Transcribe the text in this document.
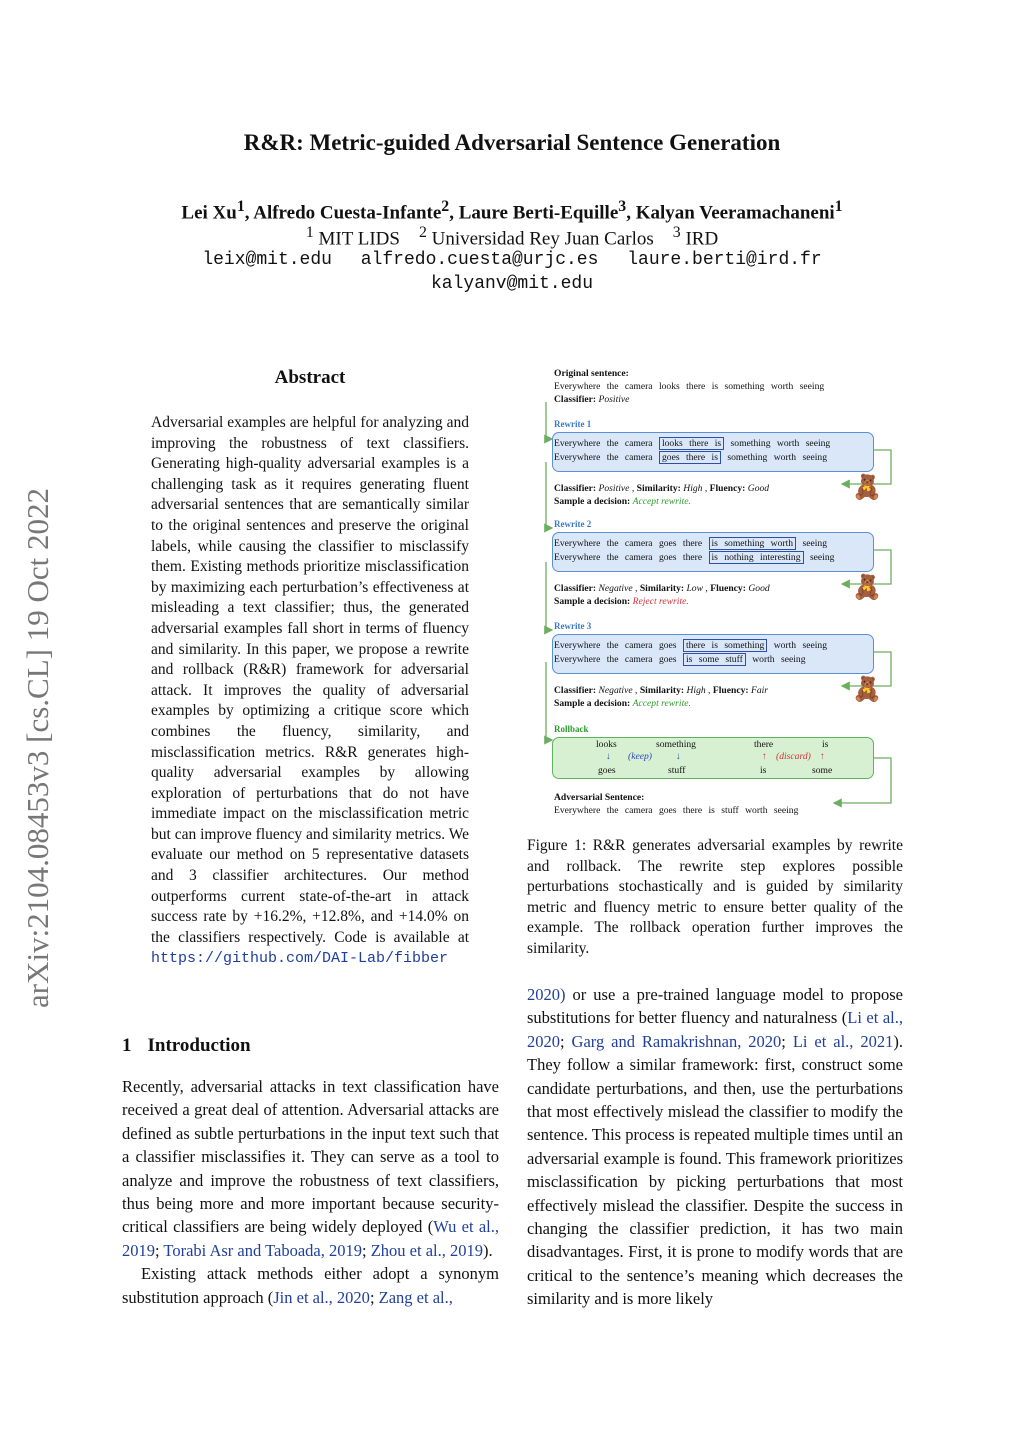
R&R: Metric-guided Adversarial Sentence Generation
Lei Xu$^1$, Alfredo Cuesta-Infante$^2$, Laure Berti-Equille$^3$, Kalyan Veeramachaneni$^1$
$^1$ MIT LIDS $^2$ Universidad Rey Juan Carlos $^3$ IRD
leix@mit.edu alfredo.cuesta@urjc.es laure.berti@ird.fr
kalyanv@mit.edu
arXiv:2104.08453v3 [cs.CL] 19 Oct 2022
Abstract
Adversarial examples are helpful for analyzing and improving the robustness of text classifiers. Generating high-quality adversarial examples is a challenging task as it requires generating fluent adversarial sentences that are semantically similar to the original sentences and preserve the original labels, while causing the classifier to misclassify them. Existing methods prioritize misclassification by maximizing each perturbation’s effectiveness at misleading a text classifier; thus, the generated adversarial examples fall short in terms of fluency and similarity. In this paper, we propose a rewrite and rollback (R&R) framework for adversarial attack. It improves the quality of adversarial examples by optimizing a critique score which combines the fluency, similarity, and misclassification metrics. R&R generates high-quality adversarial examples by allowing exploration of perturbations that do not have immediate impact on the misclassification metric but can improve fluency and similarity metrics. We evaluate our method on 5 representative datasets and 3 classifier architectures. Our method outperforms current state-of-the-art in attack success rate by +16.2%, +12.8%, and +14.0% on the classifiers respectively. Code is available at https://github.com/DAI-Lab/fibber
1 Introduction

Recently, adversarial attacks in text classification have received a great deal of attention. Adversarial attacks are defined as subtle perturbations in the input text such that a classifier misclassifies it. They can serve as a tool to analyze and improve the robustness of text classifiers, thus being more and more important because security-critical classifiers are being widely deployed (Wu et al., 2019; Torabi Asr and Taboada, 2019; Zhou et al., 2019).

Existing attack methods either adopt a synonym substitution approach (Jin et al., 2020; Zang et al.,

Original sentence:
Everywhere the camera looks there is something worth seeing
Classifier: Positive
Rewrite 1
Everywhere the camera looks there is something worth seeing
Everywhere the camera goes there is something worth seeing
Classifier: Positive , Similarity: High , Fluency: Good
Sample a decision: Accept rewrite.
🧸
Rewrite 2
Everywhere the camera goes there is something worth seeing
Everywhere the camera goes there is nothing interesting seeing
Classifier: Negative , Similarity: Low , Fluency: Good
Sample a decision: Reject rewrite.
🧸
Rewrite 3
Everywhere the camera goes there is something worth seeing
Everywhere the camera goes is some stuff worth seeing
Classifier: Negative , Similarity: High , Fluency: Fair
Sample a decision: Accept rewrite.
🧸
Rollback
looks	something	there	is
↓ (keep)	↓	↑ (discard) ↑
goes	stuff	is	some
Adversarial Sentence:
Everywhere the camera goes there is stuff worth seeing
Figure 1: R&R generates adversarial examples by rewrite and rollback. The rewrite step explores possible perturbations stochastically and is guided by similarity metric and fluency metric to ensure better quality of the example. The rollback operation further improves the similarity.
2020) or use a pre-trained language model to propose substitutions for better fluency and naturalness (Li et al., 2020; Garg and Ramakrishnan, 2020; Li et al., 2021). They follow a similar framework: first, construct some candidate perturbations, and then, use the perturbations that most effectively mislead the classifier to modify the sentence. This process is repeated multiple times until an adversarial example is found. This framework prioritizes misclassification by picking perturbations that most effectively mislead the classifier. Despite the success in changing the classifier prediction, it has two main disadvantages. First, it is prone to modify words that are critical to the sentence’s meaning which decreases the similarity and is more likely
